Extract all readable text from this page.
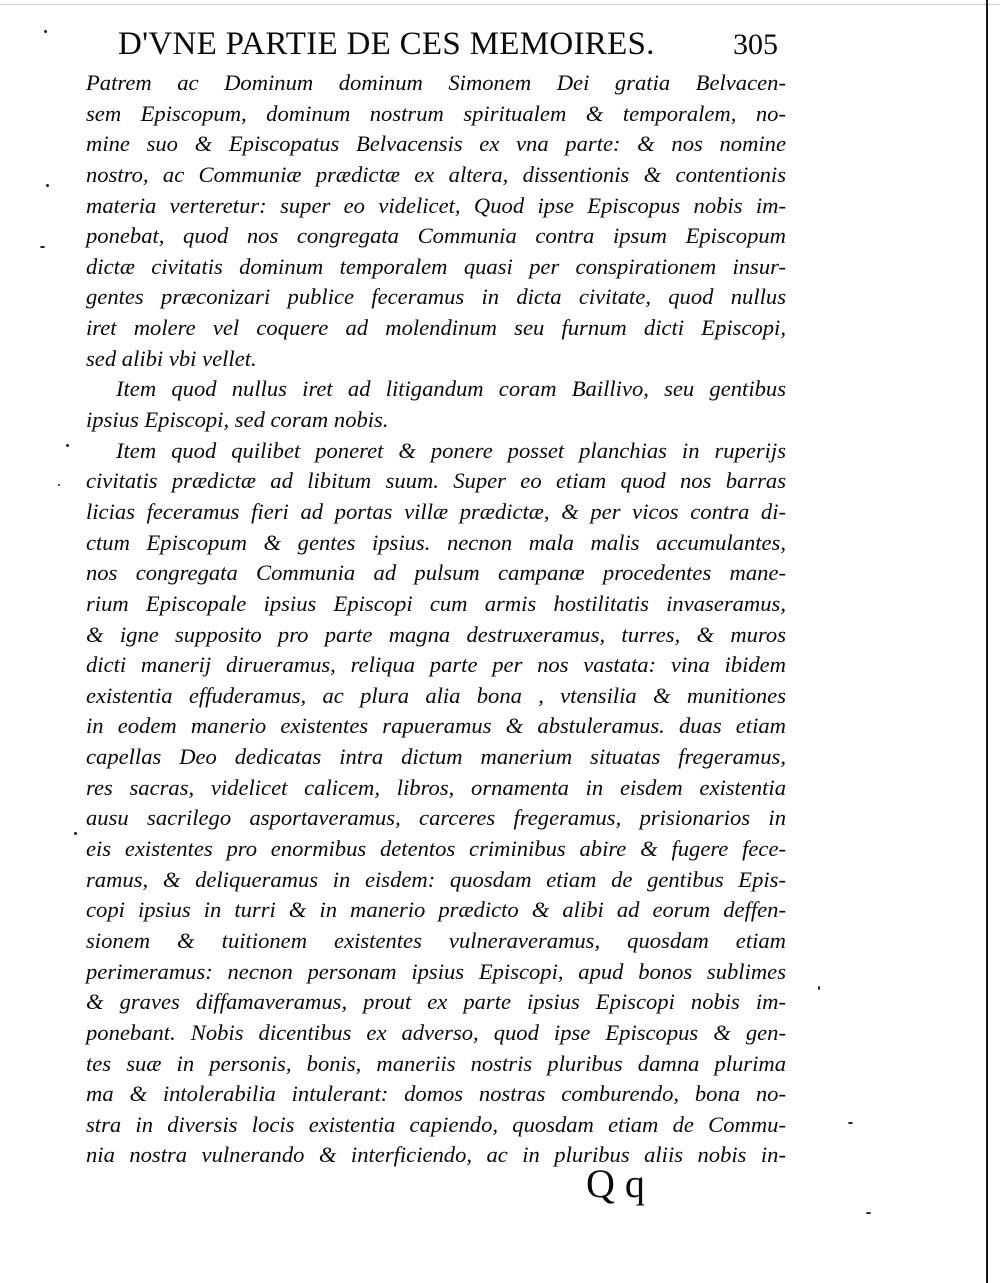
D'VNE PARTIE DE CES MEMOIRES.	305
Patrem ac Dominum dominum Simonem Dei gratia Belvacen-
sem Episcopum, dominum nostrum spiritualem & temporalem, no-
mine suo & Episcopatus Belvacensis ex vna parte: & nos nomine
nostro, ac Communiæ prædictæ ex altera, dissentionis & contentionis
materia verteretur: super eo videlicet, Quod ipse Episcopus nobis im-
ponebat, quod nos congregata Communia contra ipsum Episcopum
dictæ civitatis dominum temporalem quasi per conspirationem insur-
gentes præconizari publice feceramus in dicta civitate, quod nullus
iret molere vel coquere ad molendinum seu furnum dicti Episcopi,
sed alibi vbi vellet.
Item quod nullus iret ad litigandum coram Baillivo, seu gentibus
ipsius Episcopi, sed coram nobis.
Item quod quilibet poneret & ponere posset planchias in ruperijs
civitatis prædictæ ad libitum suum. Super eo etiam quod nos barras
licias feceramus fieri ad portas villæ prædictæ, & per vicos contra di-
ctum Episcopum & gentes ipsius. necnon mala malis accumulantes,
nos congregata Communia ad pulsum campanæ procedentes mane-
rium Episcopale ipsius Episcopi cum armis hostilitatis invaseramus,
& igne supposito pro parte magna destruxeramus, turres, & muros
dicti manerij dirueramus, reliqua parte per nos vastata: vina ibidem
existentia effuderamus, ac plura alia bona , vtensilia & munitiones
in eodem manerio existentes rapueramus & abstuleramus. duas etiam
capellas Deo dedicatas intra dictum manerium situatas fregeramus,
res sacras, videlicet calicem, libros, ornamenta in eisdem existentia
ausu sacrilego asportaveramus, carceres fregeramus, prisionarios in
eis existentes pro enormibus detentos criminibus abire & fugere fece-
ramus, & deliqueramus in eisdem: quosdam etiam de gentibus Epis-
copi ipsius in turri & in manerio prædicto & alibi ad eorum deffen-
sionem & tuitionem existentes vulneraveramus, quosdam etiam
perimeramus: necnon personam ipsius Episcopi, apud bonos sublimes
& graves diffamaveramus, prout ex parte ipsius Episcopi nobis im-
ponebant. Nobis dicentibus ex adverso, quod ipse Episcopus & gen-
tes suæ in personis, bonis, maneriis nostris pluribus damna plurima
ma & intolerabilia intulerant: domos nostras comburendo, bona no-
stra in diversis locis existentia capiendo, quosdam etiam de Commu-
nia nostra vulnerando & interficiendo, ac in pluribus aliis nobis in-
Q q
